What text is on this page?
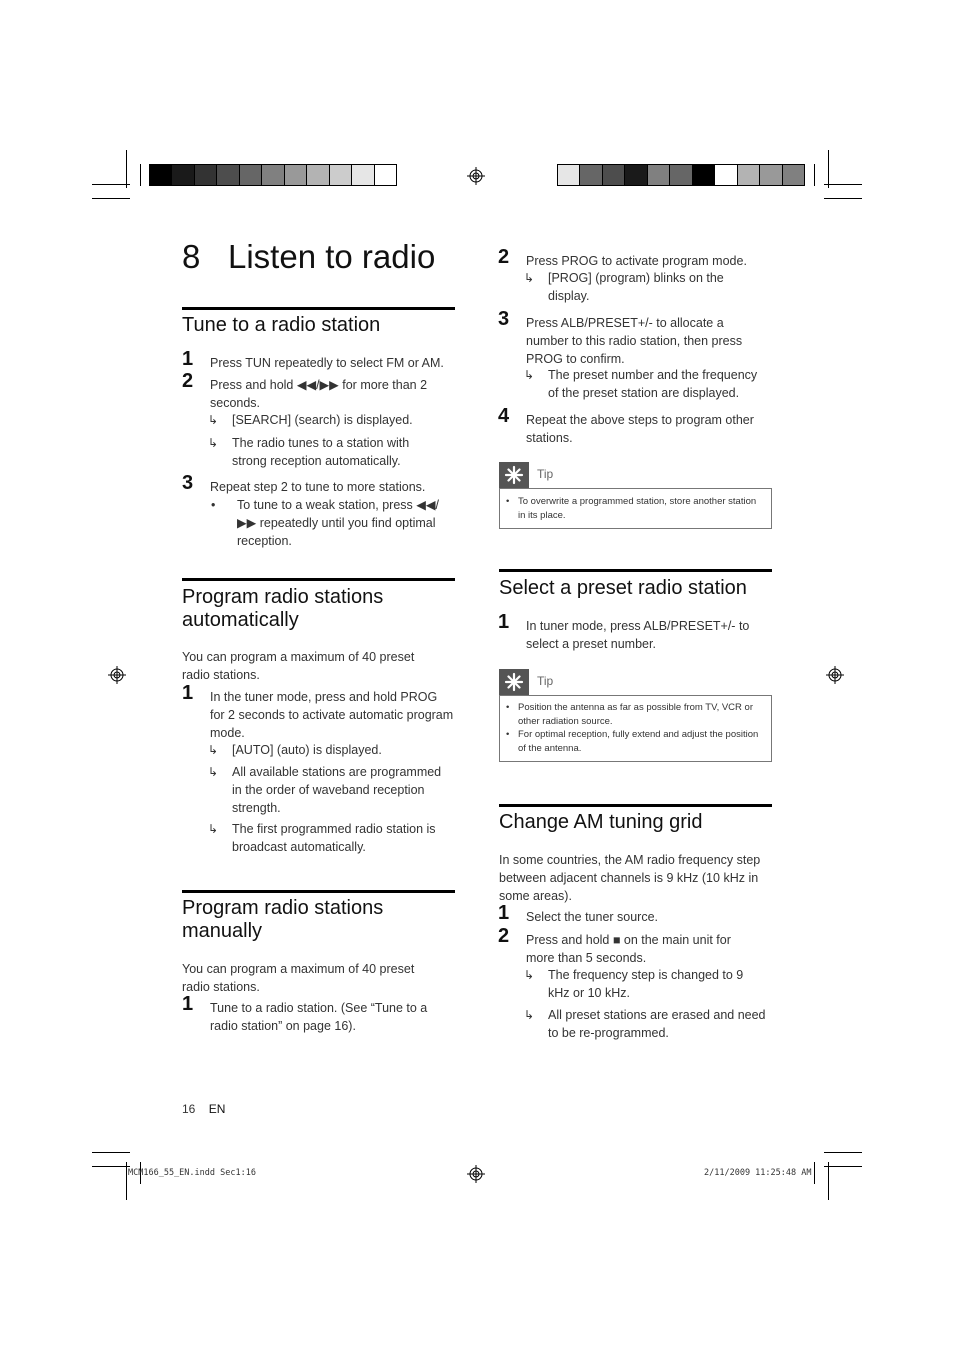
8 Listen to radio
Tune to a radio station
1 Press TUN repeatedly to select FM or AM.
2 Press and hold ◀◀/▶▶ for more than 2 seconds.
↳ [SEARCH] (search) is displayed.
↳ The radio tunes to a station with strong reception automatically.
3 Repeat step 2 to tune to more stations.
• To tune to a weak station, press ◀◀/ ▶▶ repeatedly until you find optimal reception.
Program radio stations automatically
You can program a maximum of 40 preset radio stations.
1 In the tuner mode, press and hold PROG for 2 seconds to activate automatic program mode.
↳ [AUTO] (auto) is displayed.
↳ All available stations are programmed in the order of waveband reception strength.
↳ The first programmed radio station is broadcast automatically.
Program radio stations manually
You can program a maximum of 40 preset radio stations.
1 Tune to a radio station. (See “Tune to a radio station” on page 16).
2 Press PROG to activate program mode.
↳ [PROG] (program) blinks on the display.
3 Press ALB/PRESET+/- to allocate a number to this radio station, then press PROG to confirm.
↳ The preset number and the frequency of the preset station are displayed.
4 Repeat the above steps to program other stations.
Tip
• To overwrite a programmed station, store another station in its place.
Select a preset radio station
1 In tuner mode, press ALB/PRESET+/- to select a preset number.
Tip
• Position the antenna as far as possible from TV, VCR or other radiation source.
• For optimal reception, fully extend and adjust the position of the antenna.
Change AM tuning grid
In some countries, the AM radio frequency step between adjacent channels is 9 kHz (10 kHz in some areas).
1 Select the tuner source.
2 Press and hold ■ on the main unit for more than 5 seconds.
↳ The frequency step is changed to 9 kHz or 10 kHz.
↳ All preset stations are erased and need to be re-programmed.
16 EN
MCM166_55_EN.indd Sec1:16	2/11/2009 11:25:48 AM
